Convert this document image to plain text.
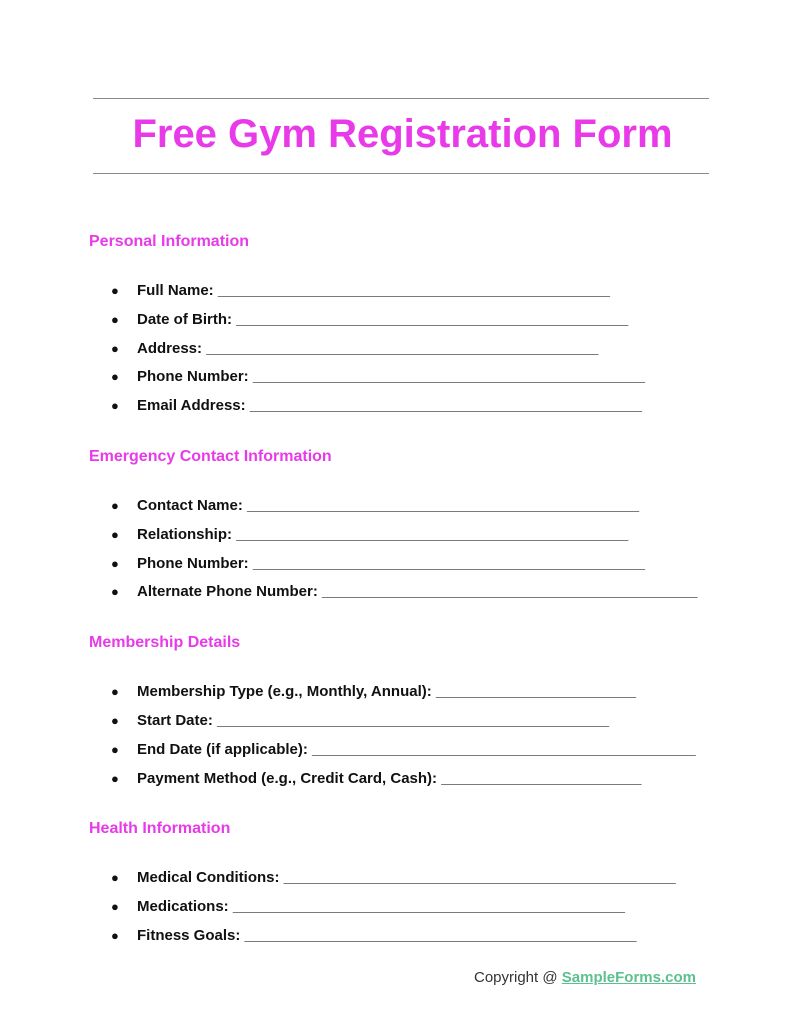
Free Gym Registration Form
Personal Information
● Full Name: _______________________________________________
● Date of Birth: _______________________________________________
● Address: _______________________________________________
● Phone Number: _______________________________________________
● Email Address: _______________________________________________
Emergency Contact Information
● Contact Name: _______________________________________________
● Relationship: _______________________________________________
● Phone Number: _______________________________________________
● Alternate Phone Number: _____________________________________________
Membership Details
● Membership Type (e.g., Monthly, Annual): ________________________
● Start Date: _______________________________________________
● End Date (if applicable): ______________________________________________
● Payment Method (e.g., Credit Card, Cash): ________________________
Health Information
● Medical Conditions: _______________________________________________
● Medications: _______________________________________________
● Fitness Goals: _______________________________________________
Copyright @ SampleForms.com
